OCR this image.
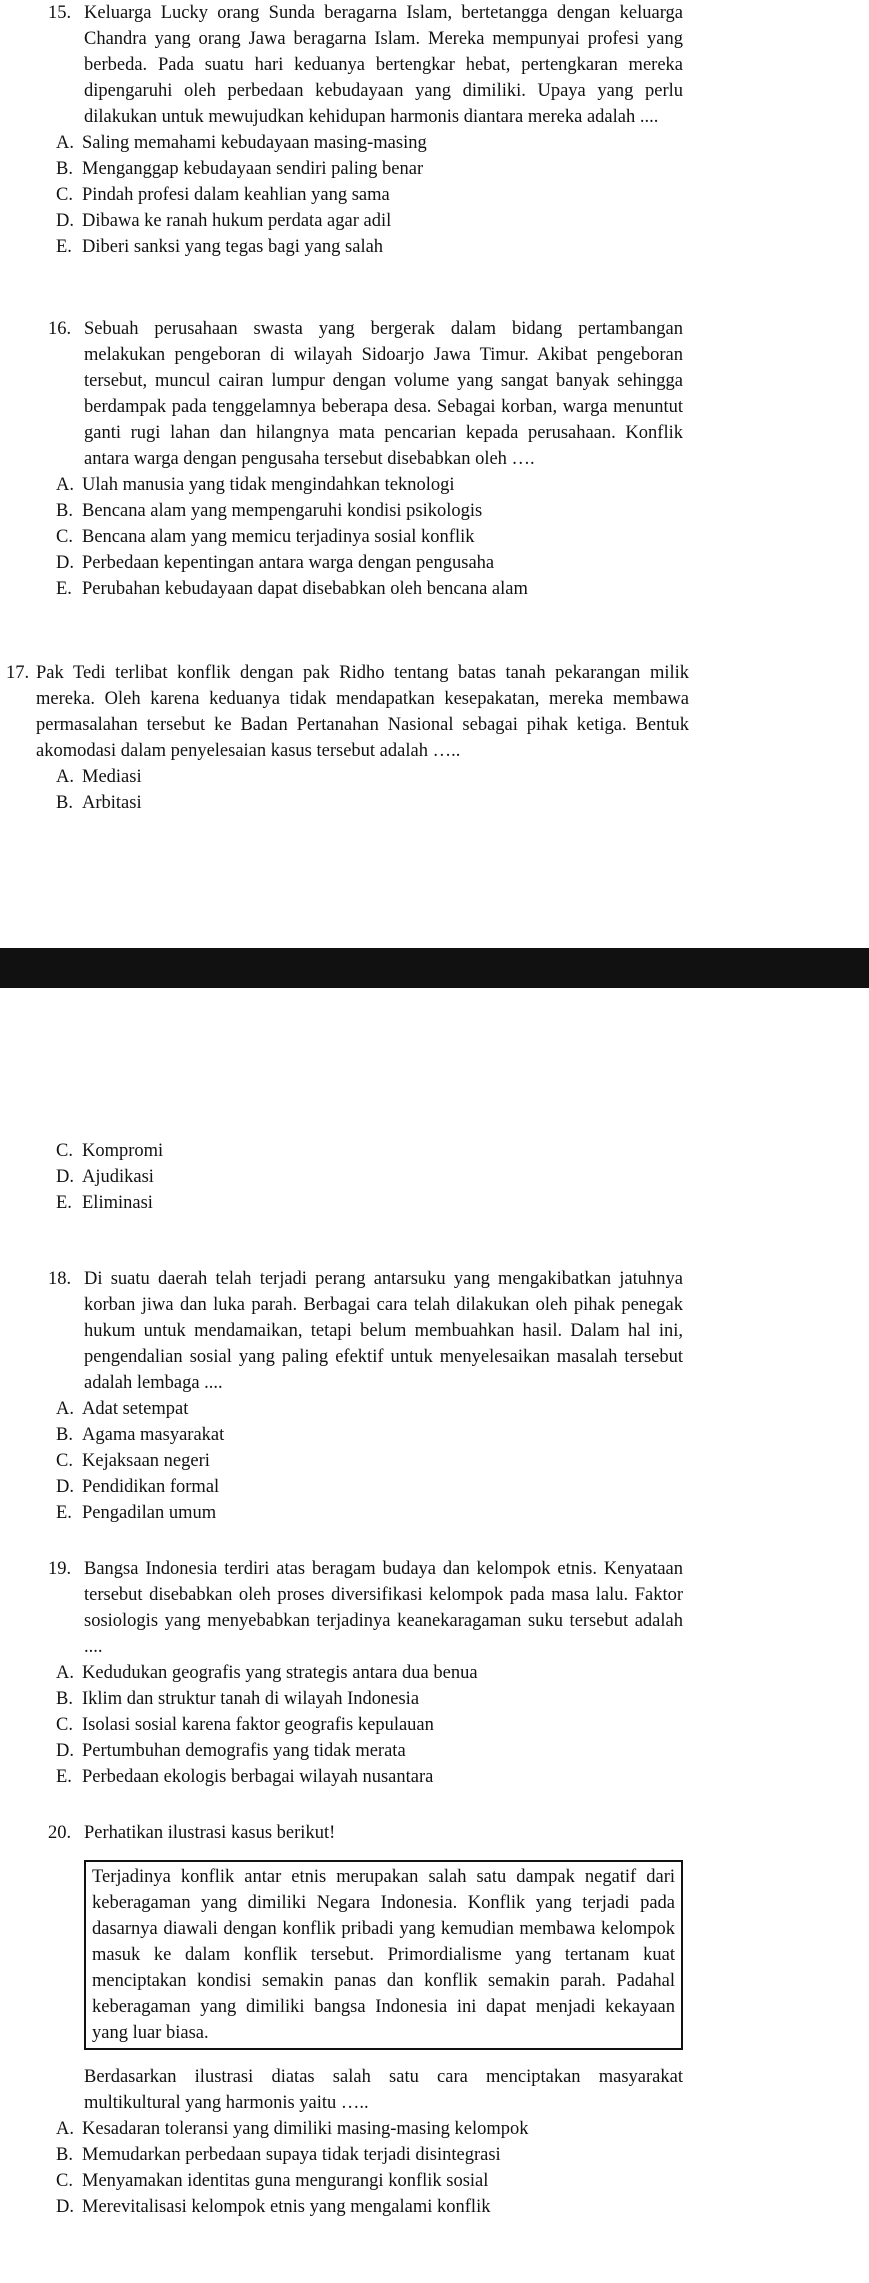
15. Keluarga Lucky orang Sunda beragarna Islam, bertetangga dengan keluarga Chandra yang orang Jawa beragarna Islam. Mereka mempunyai profesi yang berbeda. Pada suatu hari keduanya bertengkar hebat, pertengkaran mereka dipengaruhi oleh perbedaan kebudayaan yang dimiliki. Upaya yang perlu dilakukan untuk mewujudkan kehidupan harmonis diantara mereka adalah ....
A. Saling memahami kebudayaan masing-masing
B. Menganggap kebudayaan sendiri paling benar
C. Pindah profesi dalam keahlian yang sama
D. Dibawa ke ranah hukum perdata agar adil
E. Diberi sanksi yang tegas bagi yang salah
16. Sebuah perusahaan swasta yang bergerak dalam bidang pertambangan melakukan pengeboran di wilayah Sidoarjo Jawa Timur. Akibat pengeboran tersebut, muncul cairan lumpur dengan volume yang sangat banyak sehingga berdampak pada tenggelamnya beberapa desa. Sebagai korban, warga menuntut ganti rugi lahan dan hilangnya mata pencarian kepada perusahaan. Konflik antara warga dengan pengusaha tersebut disebabkan oleh ….
A. Ulah manusia yang tidak mengindahkan teknologi
B. Bencana alam yang mempengaruhi kondisi psikologis
C. Bencana alam yang memicu terjadinya sosial konflik
D. Perbedaan kepentingan antara warga dengan pengusaha
E. Perubahan kebudayaan dapat disebabkan oleh bencana alam
17. Pak Tedi terlibat konflik dengan pak Ridho tentang batas tanah pekarangan milik mereka. Oleh karena keduanya tidak mendapatkan kesepakatan, mereka membawa permasalahan tersebut ke Badan Pertanahan Nasional sebagai pihak ketiga. Bentuk akomodasi dalam penyelesaian kasus tersebut adalah …..
A. Mediasi
B. Arbitasi
C. Kompromi
D. Ajudikasi
E. Eliminasi
18. Di suatu daerah telah terjadi perang antarsuku yang mengakibatkan jatuhnya korban jiwa dan luka parah. Berbagai cara telah dilakukan oleh pihak penegak hukum untuk mendamaikan, tetapi belum membuahkan hasil. Dalam hal ini, pengendalian sosial yang paling efektif untuk menyelesaikan masalah tersebut adalah lembaga ....
A. Adat setempat
B. Agama masyarakat
C. Kejaksaan negeri
D. Pendidikan formal
E. Pengadilan umum
19. Bangsa Indonesia terdiri atas beragam budaya dan kelompok etnis. Kenyataan tersebut disebabkan oleh proses diversifikasi kelompok pada masa lalu. Faktor sosiologis yang menyebabkan terjadinya keanekaragaman suku tersebut adalah ....
A. Kedudukan geografis yang strategis antara dua benua
B. Iklim dan struktur tanah di wilayah Indonesia
C. Isolasi sosial karena faktor geografis kepulauan
D. Pertumbuhan demografis yang tidak merata
E. Perbedaan ekologis berbagai wilayah nusantara
20. Perhatikan ilustrasi kasus berikut!
Terjadinya konflik antar etnis merupakan salah satu dampak negatif dari keberagaman yang dimiliki Negara Indonesia. Konflik yang terjadi pada dasarnya diawali dengan konflik pribadi yang kemudian membawa kelompok masuk ke dalam konflik tersebut. Primordialisme yang tertanam kuat menciptakan kondisi semakin panas dan konflik semakin parah. Padahal keberagaman yang dimiliki bangsa Indonesia ini dapat menjadi kekayaan yang luar biasa.
Berdasarkan ilustrasi diatas salah satu cara menciptakan masyarakat multikultural yang harmonis yaitu …..
A. Kesadaran toleransi yang dimiliki masing-masing kelompok
B. Memudarkan perbedaan supaya tidak terjadi disintegrasi
C. Menyamakan identitas guna mengurangi konflik sosial
D. Merevitalisasi kelompok etnis yang mengalami konflik
